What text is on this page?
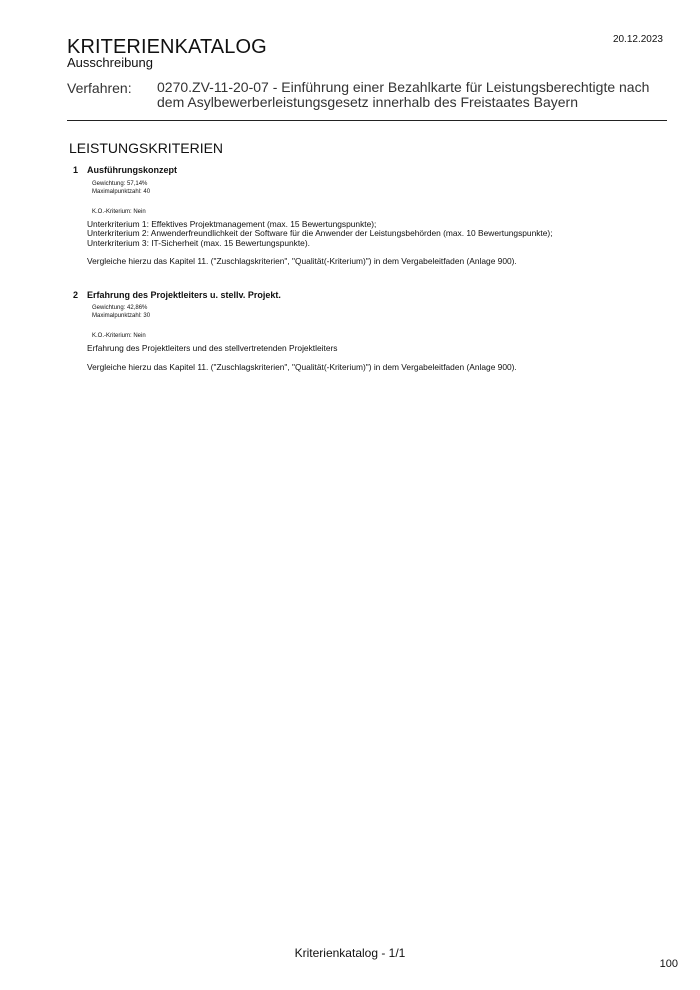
20.12.2023
KRITERIENKATALOG
Ausschreibung
Verfahren: 0270.ZV-11-20-07 - Einführung einer Bezahlkarte für Leistungsberechtigte nach dem Asylbewerberleistungsgesetz innerhalb des Freistaates Bayern
LEISTUNGSKRITERIEN
1 Ausführungskonzept
Gewichtung: 57,14%
Maximalpunktzahl: 40
K.O.-Kriterium: Nein
Unterkriterium 1: Effektives Projektmanagement (max. 15 Bewertungspunkte);
Unterkriterium 2: Anwenderfreundlichkeit der Software für die Anwender der Leistungsbehörden (max. 10 Bewertungspunkte);
Unterkriterium 3: IT-Sicherheit (max. 15 Bewertungspunkte).
Vergleiche hierzu das Kapitel 11. ("Zuschlagskriterien", "Qualität(-Kriterium)") in dem Vergabeleitfaden (Anlage 900).
2 Erfahrung des Projektleiters u. stellv. Projekt.
Gewichtung: 42,86%
Maximalpunktzahl: 30
K.O.-Kriterium: Nein
Erfahrung des Projektleiters und des stellvertretenden Projektleiters
Vergleiche hierzu das Kapitel 11. ("Zuschlagskriterien", "Qualität(-Kriterium)") in dem Vergabeleitfaden (Anlage 900).
Kriterienkatalog - 1/1
100
